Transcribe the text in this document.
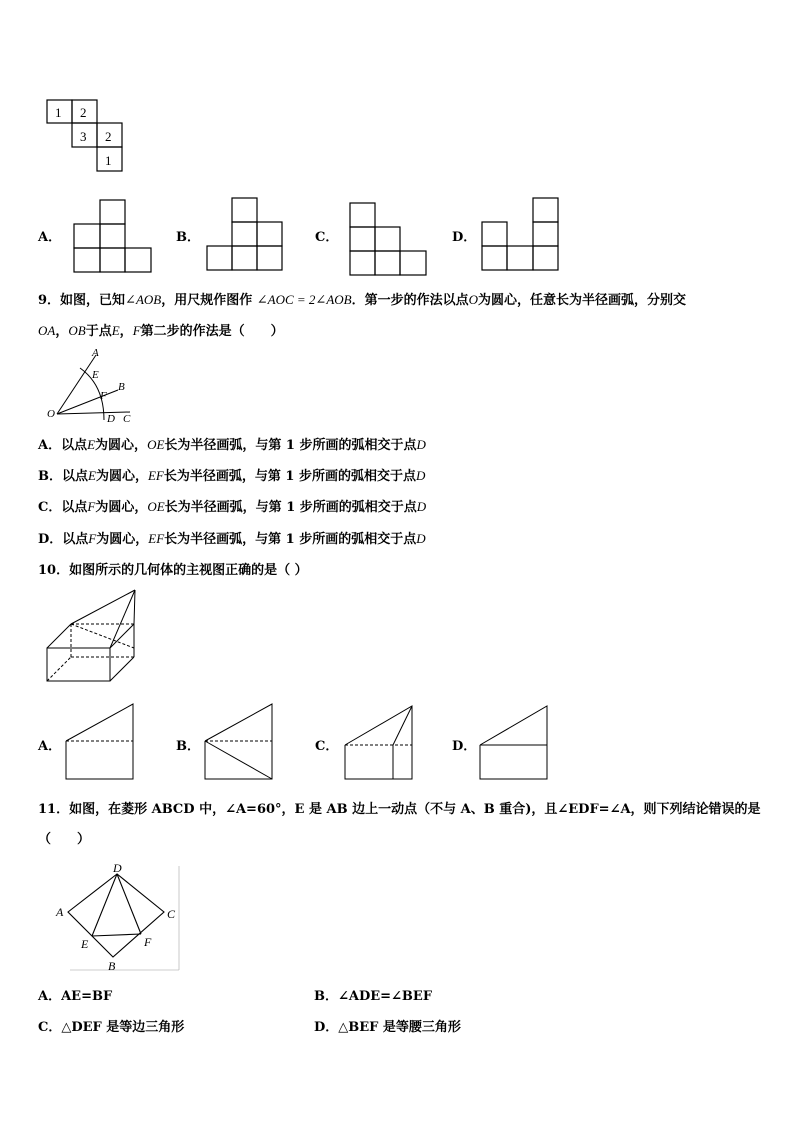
1 2
3 2
1
A．	B．	C．	D．
9．如图，已知∠AOB，用尺规作图作 ∠AOC = 2∠AOB．第一步的作法以点O为圆心，任意长为半径画弧，分别交
OA，OB于点E，F第二步的作法是（　　）
A
E
B
F
O	D C
A．以点E为圆心，OE长为半径画弧，与第 1 步所画的弧相交于点D
B．以点E为圆心，EF长为半径画弧，与第 1 步所画的弧相交于点D
C．以点F为圆心，OE长为半径画弧，与第 1 步所画的弧相交于点D
D．以点F为圆心，EF长为半径画弧，与第 1 步所画的弧相交于点D
10．如图所示的几何体的主视图正确的是（ ）
A．	B．	C．	D．
11．如图，在菱形 ABCD 中，∠A=60°，E 是 AB 边上一动点（不与 A、B 重合)，且∠EDF=∠A，则下列结论错误的是
（　　）
D
A	C
E	F
B
A．AE=BF	B．∠ADE=∠BEF
C．△DEF 是等边三角形	D．△BEF 是等腰三角形
